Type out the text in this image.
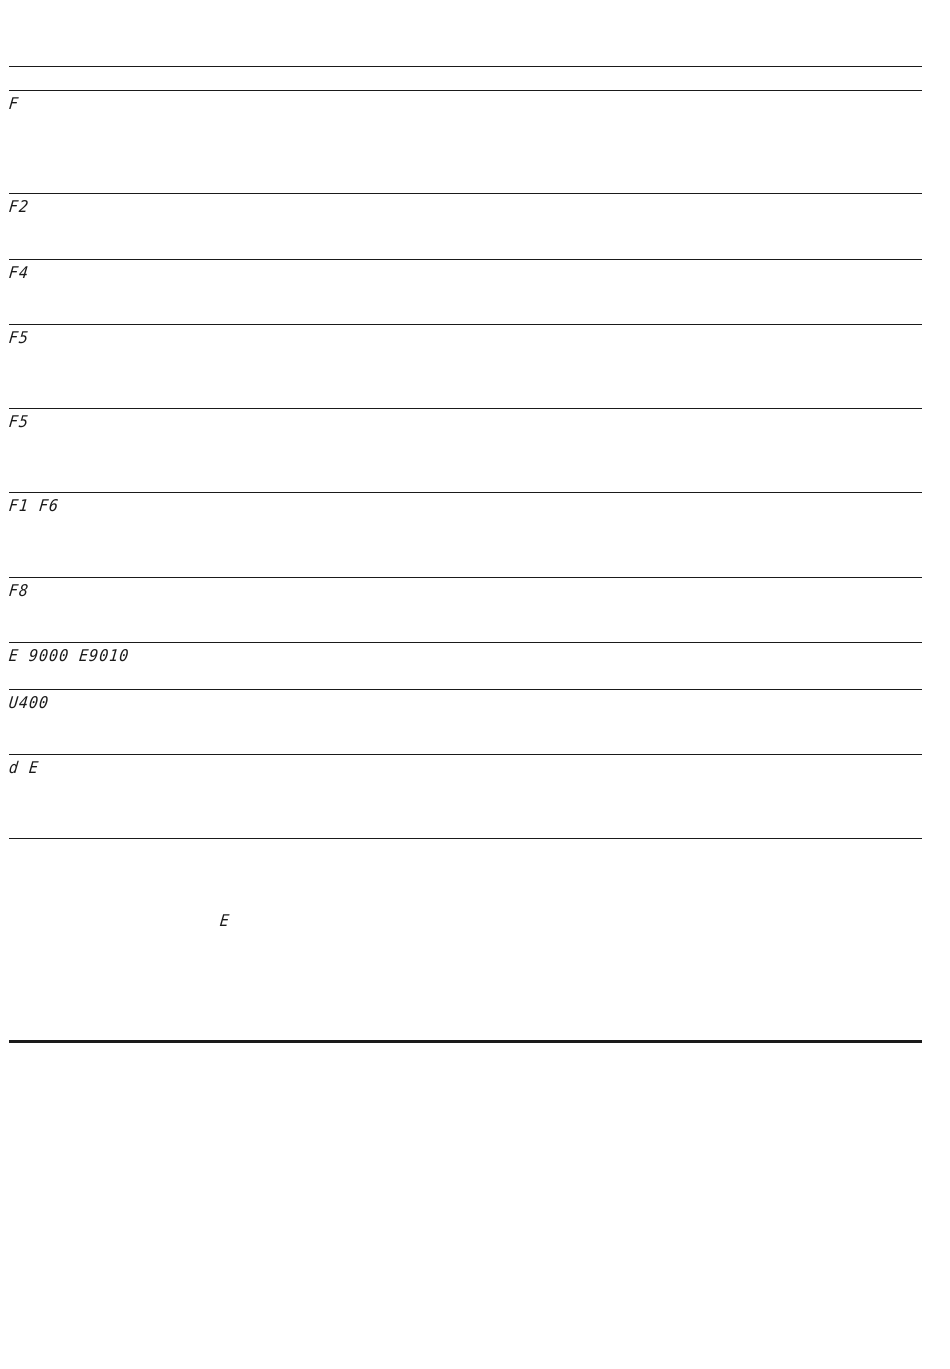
F
F2
F4
F5
F5
F1 F6
F8
E 9000 E9010
U400
d E
E
